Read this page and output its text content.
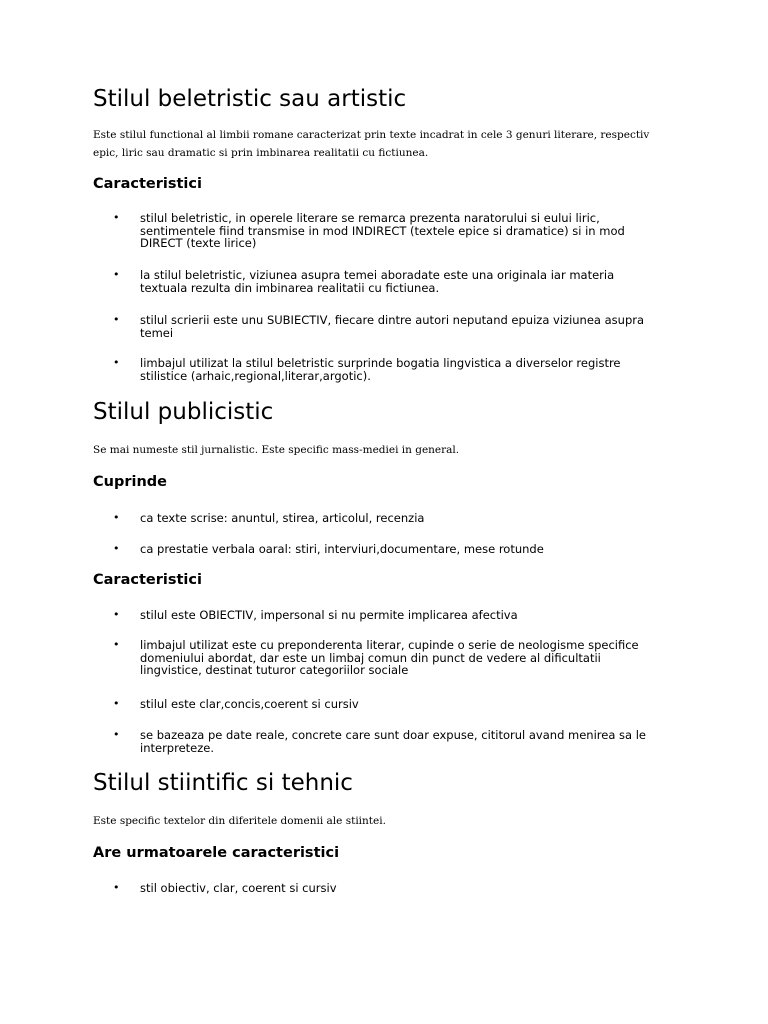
Stilul beletristic sau artistic

Este stilul functional al limbii romane caracterizat prin texte incadrat in cele 3 genuri literare, respectiv epic, liric sau dramatic si prin imbinarea realitatii cu fictiunea.

Caracteristici
• stilul beletristic, in operele literare se remarca prezenta naratorului si eului liric, sentimentele fiind transmise in mod INDIRECT (textele epice si dramatice) si in mod DIRECT (texte lirice)
• la stilul beletristic, viziunea asupra temei aboradate este una originala iar materia textuala rezulta din imbinarea realitatii cu fictiunea.
• stilul scrierii este unu SUBIECTIV, fiecare dintre autori neputand epuiza viziunea asupra temei
• limbajul utilizat la stilul beletristic surprinde bogatia lingvistica a diverselor registre stilistice (arhaic,regional,literar,argotic).
Stilul publicistic

Se mai numeste stil jurnalistic. Este specific mass-mediei in general.

Cuprinde
• ca texte scrise: anuntul, stirea, articolul, recenzia
• ca prestatie verbala oaral: stiri, interviuri,documentare, mese rotunde
Caracteristici
• stilul este OBIECTIV, impersonal si nu permite implicarea afectiva
• limbajul utilizat este cu preponderenta literar, cupinde o serie de neologisme specifice domeniului abordat, dar este un limbaj comun din punct de vedere al dificultatii lingvistice, destinat tuturor categoriilor sociale
• stilul este clar,concis,coerent si cursiv
• se bazeaza pe date reale, concrete care sunt doar expuse, cititorul avand menirea sa le interpreteze.
Stilul stiintific si tehnic

Este specific textelor din diferitele domenii ale stiintei.

Are urmatoarele caracteristici
• stil obiectiv, clar, coerent si cursiv
